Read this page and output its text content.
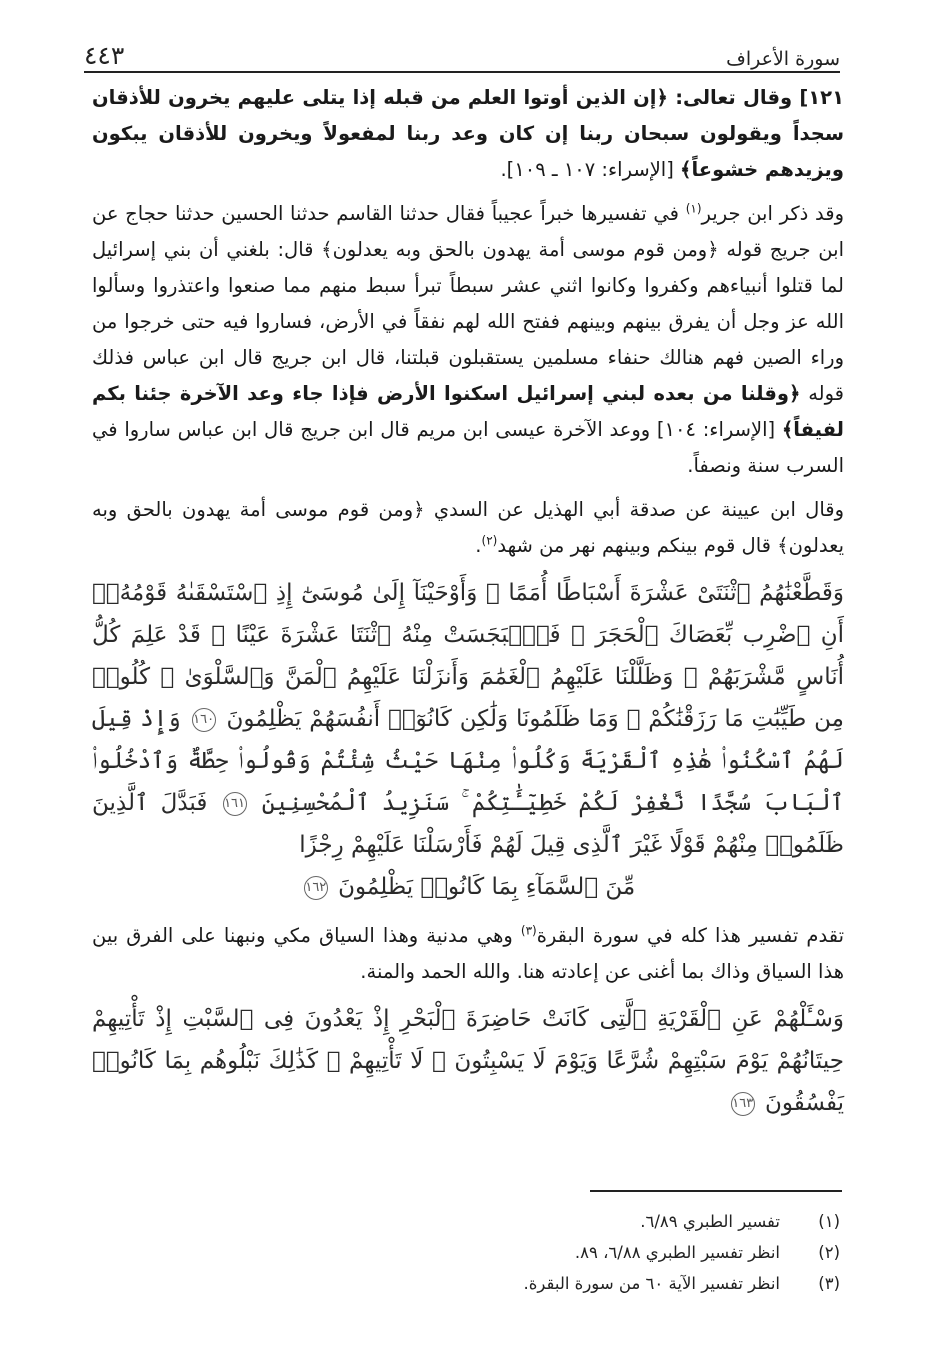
سورة الأعراف
٤٤٣

١٢١] وقال تعالى: ﴿إن الذين أوتوا العلم من قبله إذا يتلى عليهم يخرون للأذقان سجداً ويقولون سبحان ربنا إن كان وعد ربنا لمفعولاً ويخرون للأذقان يبكون ويزيدهم خشوعاً﴾ [الإسراء: ١٠٧ ـ ١٠٩].

وقد ذكر ابن جرير$^{(١)}$ في تفسيرها خبراً عجيباً فقال حدثنا القاسم حدثنا الحسين حدثنا حجاج عن ابن جريج قوله ﴿ومن قوم موسى أمة يهدون بالحق وبه يعدلون﴾ قال: بلغني أن بني إسرائيل لما قتلوا أنبياءهم وكفروا وكانوا اثني عشر سبطاً تبرأ سبط منهم مما صنعوا واعتذروا وسألوا الله عز وجل أن يفرق بينهم وبينهم ففتح الله لهم نفقاً في الأرض، فساروا فيه حتى خرجوا من وراء الصين فهم هنالك حنفاء مسلمين يستقبلون قبلتنا، قال ابن جريج قال ابن عباس فذلك قوله ﴿وقلنا من بعده لبني إسرائيل اسكنوا الأرض فإذا جاء وعد الآخرة جئنا بكم لفيفاً﴾ [الإسراء: ١٠٤] ووعد الآخرة عيسى ابن مريم قال ابن جريج قال ابن عباس ساروا في السرب سنة ونصفاً.

وقال ابن عيينة عن صدقة أبي الهذيل عن السدي ﴿ومن قوم موسى أمة يهدون بالحق وبه يعدلون﴾ قال قوم بينكم وبينهم نهر من شهد$^{(٢)}$.

وَقَطَّعْنَٰهُمُ ٱثْنَتَىْ عَشْرَةَ أَسْبَاطًا أُمَمًا ۚ وَأَوْحَيْنَآ إِلَىٰ مُوسَىٰٓ إِذِ ٱسْتَسْقَىٰهُ قَوْمُهُۥٓ أَنِ ٱضْرِب بِّعَصَاكَ ٱلْحَجَرَ ۖ فَٱنۢبَجَسَتْ مِنْهُ ٱثْنَتَا عَشْرَةَ عَيْنًا ۖ قَدْ عَلِمَ كُلُّ أُنَاسٍ مَّشْرَبَهُمْ ۚ وَظَلَّلْنَا عَلَيْهِمُ ٱلْغَمَٰمَ وَأَنزَلْنَا عَلَيْهِمُ ٱلْمَنَّ وَٱلسَّلْوَىٰ ۖ كُلُوا۟ مِن طَيِّبَٰتِ مَا رَزَقْنَٰكُمْ ۚ وَمَا ظَلَمُونَا وَلَٰكِن كَانُوٓا۟ أَنفُسَهُمْ يَظْلِمُونَ ١٦٠ وَإِذْ قِيلَ لَهُمُ ٱسْكُنُوا۟ هَٰذِهِ ٱلْقَرْيَةَ وَكُلُوا۟ مِنْهَا حَيْثُ شِئْتُمْ وَقُولُوا۟ حِطَّةٌ وَٱدْخُلُوا۟ ٱلْبَابَ سُجَّدًا نَّغْفِرْ لَكُمْ خَطِيٓـَٰٔتِكُمْ ۚ سَنَزِيدُ ٱلْمُحْسِنِينَ ١٦١ فَبَدَّلَ ٱلَّذِينَ ظَلَمُوا۟ مِنْهُمْ قَوْلًا غَيْرَ ٱلَّذِى قِيلَ لَهُمْ فَأَرْسَلْنَا عَلَيْهِمْ رِجْزًا
مِّنَ ٱلسَّمَآءِ بِمَا كَانُوا۟ يَظْلِمُونَ ١٦٢

تقدم تفسير هذا كله في سورة البقرة$^{(٣)}$ وهي مدنية وهذا السياق مكي ونبهنا على الفرق بين هذا السياق وذاك بما أغنى عن إعادته هنا. والله الحمد والمنة.

وَسْـَٔلْهُمْ عَنِ ٱلْقَرْيَةِ ٱلَّتِى كَانَتْ حَاضِرَةَ ٱلْبَحْرِ إِذْ يَعْدُونَ فِى ٱلسَّبْتِ إِذْ تَأْتِيهِمْ حِيتَانُهُمْ يَوْمَ سَبْتِهِمْ شُرَّعًا وَيَوْمَ لَا يَسْبِتُونَ ۙ لَا تَأْتِيهِمْ ۚ كَذَٰلِكَ نَبْلُوهُم بِمَا كَانُوا۟ يَفْسُقُونَ ١٦٣
(١)
تفسير الطبري ٦/٨٩.
(٢)
انظر تفسير الطبري ٦/٨٨، ٨٩.
(٣)
انظر تفسير الآية ٦٠ من سورة البقرة.
